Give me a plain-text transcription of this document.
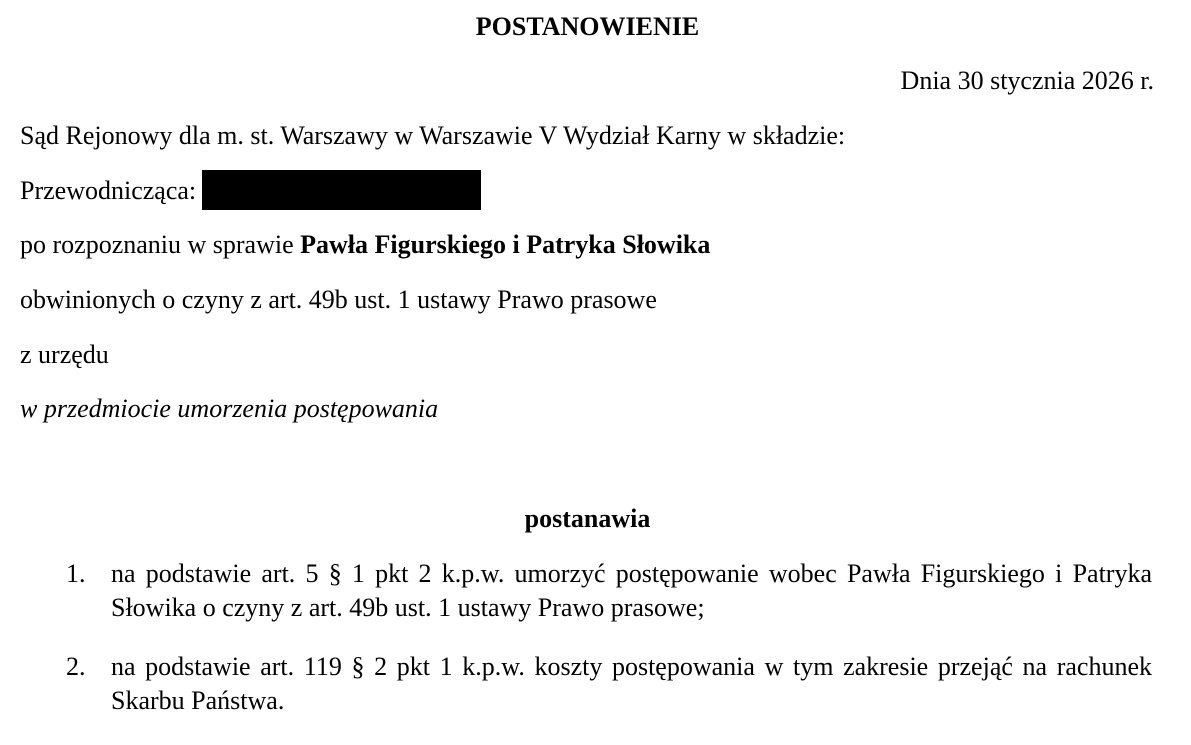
POSTANOWIENIE
Dnia 30 stycznia 2026 r.
Sąd Rejonowy dla m. st. Warszawy w Warszawie V Wydział Karny w składzie:
Przewodnicząca:
po rozpoznaniu w sprawie Pawła Figurskiego i Patryka Słowika
obwinionych o czyny z art. 49b ust. 1 ustawy Prawo prasowe
z urzędu
w przedmiocie umorzenia postępowania
postanawia
1. na podstawie art. 5 § 1 pkt 2 k.p.w. umorzyć postępowanie wobec Pawła Figurskiego i Patryka Słowika o czyny z art. 49b ust. 1 ustawy Prawo prasowe;
2. na podstawie art. 119 § 2 pkt 1 k.p.w. koszty postępowania w tym zakresie przejąć na rachunek Skarbu Państwa.
